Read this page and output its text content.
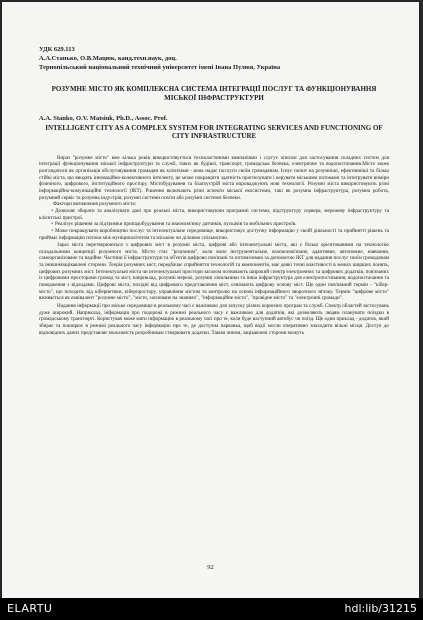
УДК 629.113
А.А.Станько, О.В.Мацюк, канд.техн.наук, доц.
Тернопільський національний технічний університет імені Івана Пулюя, Україна
РОЗУМНЕ МІСТО ЯК КОМПЛЕКСНА СИСТЕМА ІНТЕГРАЦІЇ ПОСЛУГ ТА ФУНКЦІОНУВАННЯ МІСЬКОЇ ІНФРАСТРУКТУРИ
A.A. Stanko, O.V. Matsiuk, Ph.D., Assoc. Prof.
INTELLIGENT CITY AS A COMPLEX SYSTEM FOR INTEGRATING SERVICES AND FUNCTIONING OF CITY INFRASTRUCTURE

Вираз "розумне місто" вже кілька років використовується технологічними компаніями і слугує описом для застосування складних систем для інтеграції функціонування міської інфраструктури та служб, таких як будівлі, транспорт, громадська безпека, електричне та водопостачання.Місто може розглядатися як організація обслуговування громадян як клієнтами - вона надає послуги своїм громадянам. Існує попит на розумніші, ефективніші та більш стійкі міста, що вводять інноваційно-колективного інтелекту, це може покращити здатність прогнозувати і керувати міськими потоками та інтегрувати виміри фізичного, цифрового, інституційного простору. Містобудування та благоустрій міста впроваджують нові технології. Розумні міста використовують різні інформаційно-комунікаційні технології (ІКТ). Рішення включають різні аспекти міської екосистеми, такі як розумна інфраструктура, розумна робота, розумний сервіс та розумна індустрія, розумні системи освіти або розумні системи безпеки.

Фактори визначення розумного міста:

• Дозволяє збирати та аналізувати дані про реальні міста, використовуючи програмні системи, підструктуру сервера, мережеву інфраструктуру та клієнтські пристрої.

• Реалізує рішення за підтримки припадобудування та взаємозв'язку датчиків, пускачів та мобільних пристроїв.

• Може покращувати виробництво послуг та інтелектуальне середовище, використовує доступну інформацію у своїй діяльності та прийнятті рішень та приймає інформацію потоки між муніципалітетом та міською чи діловою спільнотою.

Зараз міста перетворюються з цифрових міст в розумні міста, цифрові або інтелектуальні міста, які є більш орієнтованими на технологію складальними концепції розумного міста. Місто стає "розумним", коли воно інструментальне, взаємопов'язане, адаптивне, автономне, навчання, самоорганізоване та надійне. Частини її інфраструктури та об'єктів цифрово пов'язані та оптимізовані за допомогою ІКТ для надання послуг своїм громадянам та інишимзацікавлені сторони. Теорія розумних міст, передбачає сприйняття технологій та компонентів, має деякі точні властивості в межах ширших понять, цифрових розумних міст. Інтелектуальні міста чи інтелектуальні простори загалом позначають широкий спектр електронних та цифрових додатків, пов'язаних із цифровими просторами громад та міст, наприклад, розумні мережі, розумні лічильники та інша інфраструктура для електропостачання, водопостачання та поводження з відходами. Цифрові міста, похідні від цифрового представлення міст, означають цифрову основу міст. Ще один пов'язаний термін - "кібер-місто", що походить від кібернетики, кіберпростору, управління містом та контролю на основі інформаційного зворотного зв'язку. Термін "цифрове місто" вживається як еквівалент "розумне місто", "місто, засноване на знаннях", "інформаційне місто", "провідне місто" та "електронні громади".

Надання інформації про міське середовище в реальному часі є важливою для запуску різних корисних програм та служб. Спектр областей застосувань дуже широкий. Наприклад, інформація про подорожі в режимі реального часу є важливою для додатків, які дозволяють людям планувати поїздки в громадському транспорті. Користувач може мати інформацію в реальному часі про те, коли буде наступний автобус чи поїзд. Ще один приклад - додаток, який збирає та поширює в режимі реального часу інформацію про те, де доступна парковка, щоб водії могли оперативно знаходити вільні місця. Доступ до відповідних даних представляє можливість розробникам створювати додатки. Таким чином, зацікавлені сторони можуть

92
ELARTU	hdl:lib/31215
